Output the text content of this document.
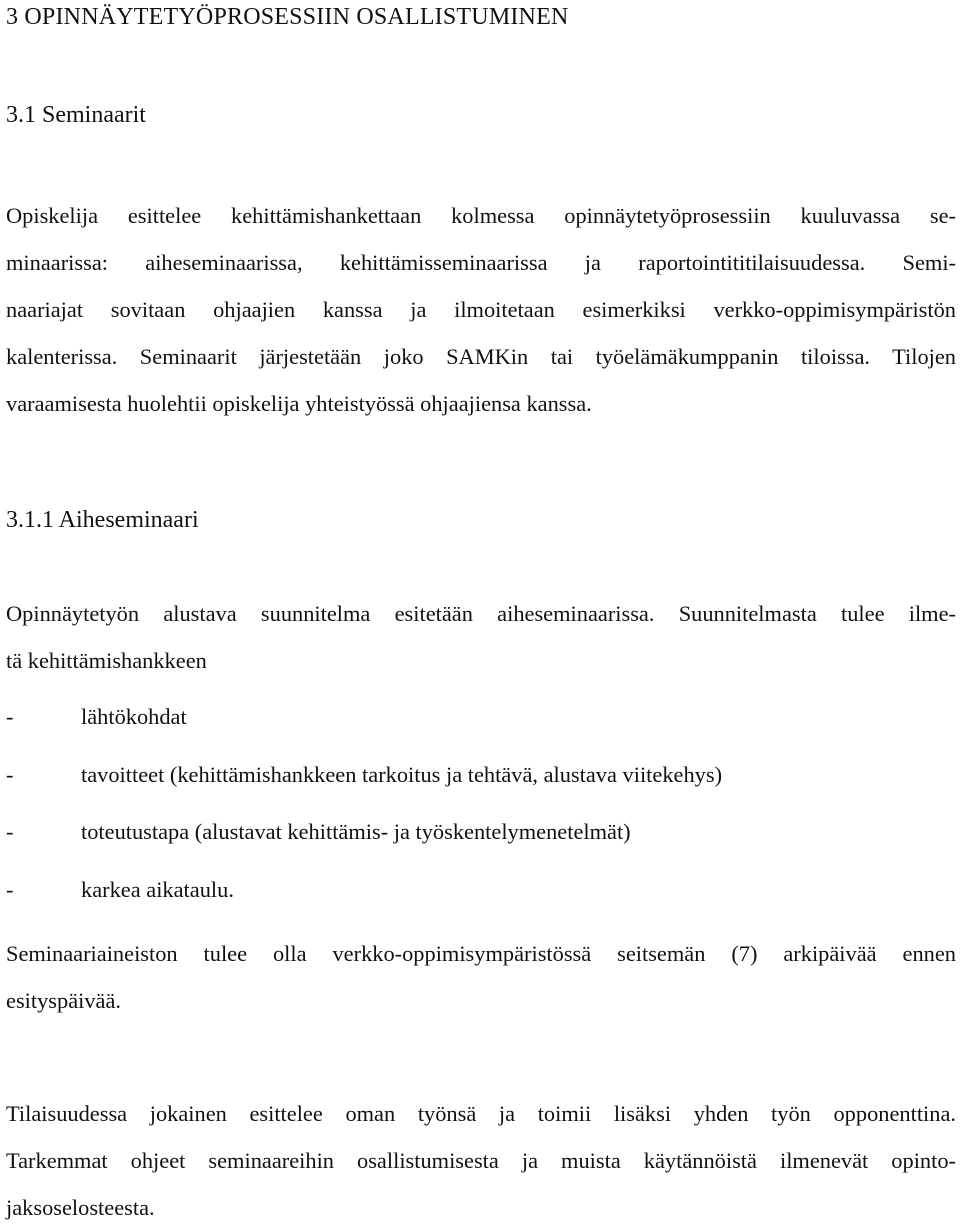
3 OPINNÄYTETYÖPROSESSIIN OSALLISTUMINEN
3.1 Seminaarit
Opiskelija esittelee kehittämishankettaan kolmessa opinnäytetyöprosessiin kuuluvassa se-
minaarissa: aiheseminaarissa, kehittämisseminaarissa ja raportointititilaisuudessa. Semi-
naariajat sovitaan ohjaajien kanssa ja ilmoitetaan esimerkiksi verkko-oppimisympäristön
kalenterissa. Seminaarit järjestetään joko SAMKin tai työelämäkumppanin tiloissa. Tilojen
varaamisesta huolehtii opiskelija yhteistyössä ohjaajiensa kanssa.
3.1.1 Aiheseminaari
Opinnäytetyön alustava suunnitelma esitetään aiheseminaarissa. Suunnitelmasta tulee ilme-
tä kehittämishankkeen
-	lähtökohdat
-	tavoitteet (kehittämishankkeen tarkoitus ja tehtävä, alustava viitekehys)
-	toteutustapa (alustavat kehittämis- ja työskentelymenetelmät)
-	karkea aikataulu.
Seminaariaineiston tulee olla verkko-oppimisympäristössä seitsemän (7) arkipäivää ennen
esityspäivää.
Tilaisuudessa jokainen esittelee oman työnsä ja toimii lisäksi yhden työn opponenttina.
Tarkemmat ohjeet seminaareihin osallistumisesta ja muista käytännöistä ilmenevät opinto-
jaksoselosteesta.
